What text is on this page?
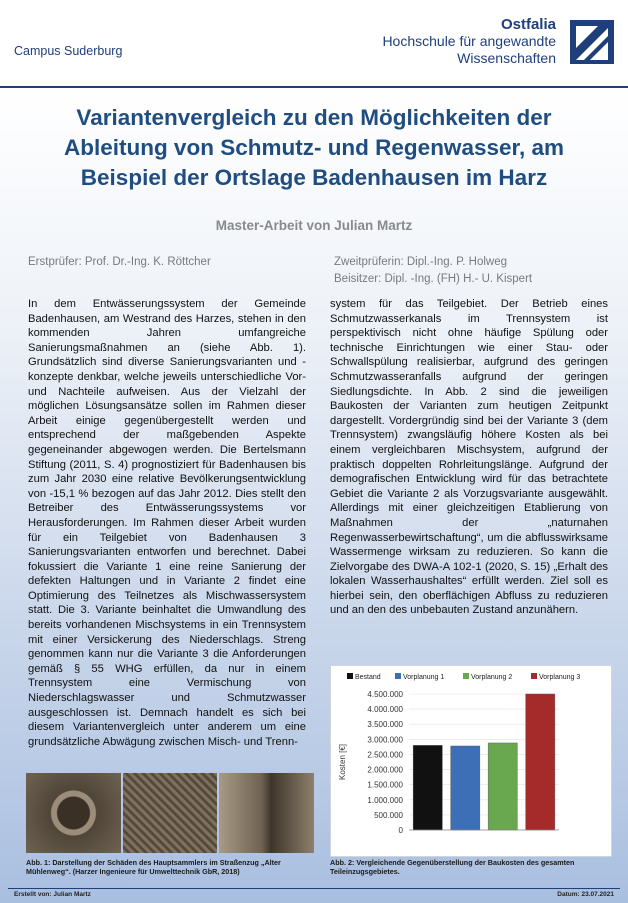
Campus Suderburg
Ostfalia
Hochschule für angewandte
Wissenschaften
Variantenvergleich zu den Möglichkeiten der
Ableitung von Schmutz- und Regenwasser, am
Beispiel der Ortslage Badenhausen im Harz
Master-Arbeit von Julian Martz
Erstprüfer: Prof. Dr.-Ing. K. Röttcher	Zweitprüferin: Dipl.-Ing. P. Holweg
Beisitzer: Dipl. -Ing. (FH) H.- U. Kispert
In dem Entwässerungssystem der Gemeinde Badenhausen, am Westrand des Harzes, stehen in den kommenden Jahren umfangreiche Sanierungsmaßnahmen an (siehe Abb. 1). Grundsätzlich sind diverse Sanierungsvarianten und -konzepte denkbar, welche jeweils unterschiedliche Vor- und Nachteile aufweisen. Aus der Vielzahl der möglichen Lösungsansätze sollen im Rahmen dieser Arbeit einige gegenübergestellt werden und entsprechend der maßgebenden Aspekte gegeneinander abgewogen werden. Die Bertelsmann Stiftung (2011, S. 4) prognostiziert für Badenhausen bis zum Jahr 2030 eine relative Bevölkerungsentwicklung von -15,1 % bezogen auf das Jahr 2012. Dies stellt den Betreiber des Entwässerungssystems vor Herausforderungen. Im Rahmen dieser Arbeit wurden für ein Teilgebiet von Badenhausen 3 Sanierungsvarianten entworfen und berechnet. Dabei fokussiert die Variante 1 eine reine Sanierung der defekten Haltungen und in Variante 2 findet eine Optimierung des Teilnetzes als Mischwassersystem statt. Die 3. Variante beinhaltet die Umwandlung des bereits vorhandenen Mischsystems in ein Trennsystem mit einer Versickerung des Niederschlags. Streng genommen kann nur die Variante 3 die Anforderungen gemäß § 55 WHG erfüllen, da nur in einem Trennsystem eine Vermischung von Niederschlagswasser und Schmutzwasser ausgeschlossen ist. Demnach handelt es sich bei diesem Variantenvergleich unter anderem um eine grundsätzliche Abwägung zwischen Misch- und Trenn-
system für das Teilgebiet. Der Betrieb eines Schmutzwasserkanals im Trennsystem ist perspektivisch nicht ohne häufige Spülung oder technische Einrichtungen wie einer Stau- oder Schwallspülung realisierbar, aufgrund des geringen Schmutzwasseranfalls aufgrund der geringen Siedlungsdichte. In Abb. 2 sind die jeweiligen Baukosten der Varianten zum heutigen Zeitpunkt dargestellt. Vordergründig sind bei der Variante 3 (dem Trennsystem) zwangsläufig höhere Kosten als bei einem vergleichbaren Mischsystem, aufgrund der praktisch doppelten Rohrleitungslänge. Aufgrund der demografischen Entwicklung wird für das betrachtete Gebiet die Variante 2 als Vorzugsvariante ausgewählt. Allerdings mit einer gleichzeitigen Etablierung von Maßnahmen der „naturnahen Regenwasserbewirtschaftung“, um die abflusswirksame Wassermenge wirksam zu reduzieren. So kann die Zielvorgabe des DWA-A 102-1 (2020, S. 15) „Erhalt des lokalen Wasserhaushaltes“ erfüllt werden. Ziel soll es hierbei sein, den oberflächigen Abfluss zu reduzieren und an den des unbebauten Zustand anzunähern.
Abb. 1: Darstellung der Schäden des Hauptsammlers im Straßenzug „Alter Mühlenweg“. (Harzer Ingenieure für Umwelttechnik GbR, 2018)
0
500.000
1.000.000
1.500.000
2.000.000
2.500.000
3.000.000
3.500.000
4.000.000
4.500.000
Kosten [€]
Bestand	Vorplanung 1	Vorplanung 2	Vorplanung 3
Abb. 2: Vergleichende Gegenüberstellung der Baukosten des gesamten Teileinzugsgebietes.
Erstellt von: Julian Martz	Datum: 23.07.2021
